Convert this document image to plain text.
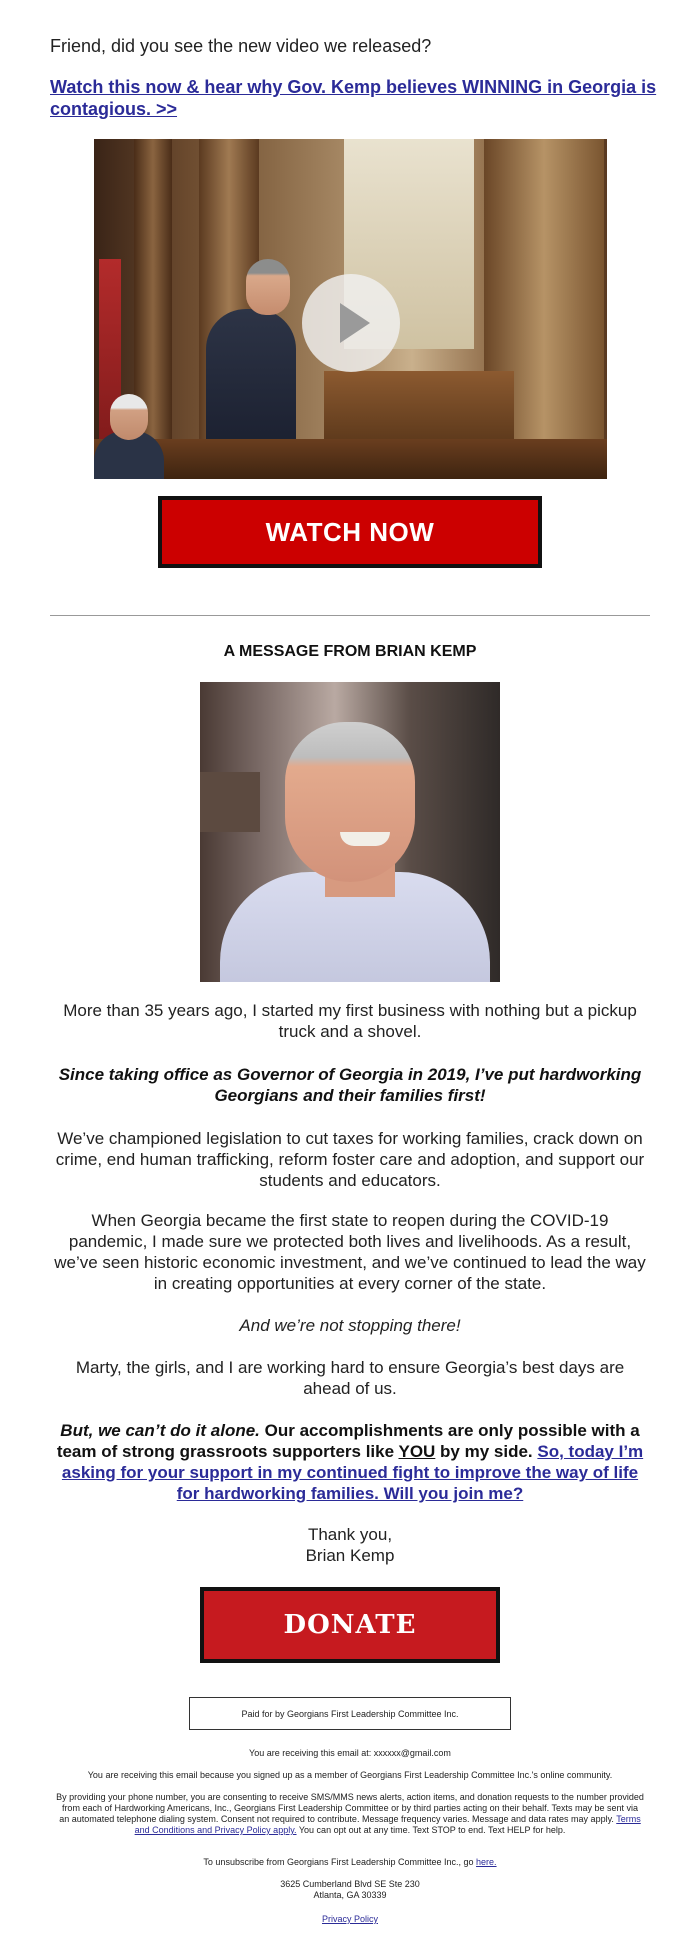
Friend, did you see the new video we released?
Watch this now & hear why Gov. Kemp believes WINNING in Georgia is contagious. >>
WATCH NOW
A MESSAGE FROM BRIAN KEMP
More than 35 years ago, I started my first business with nothing but a pickup truck and a shovel.
Since taking office as Governor of Georgia in 2019, I’ve put hardworking Georgians and their families first!
We’ve championed legislation to cut taxes for working families, crack down on crime, end human trafficking, reform foster care and adoption, and support our students and educators.
When Georgia became the first state to reopen during the COVID-19 pandemic, I made sure we protected both lives and livelihoods. As a result, we’ve seen historic economic investment, and we’ve continued to lead the way in creating opportunities at every corner of the state.
And we’re not stopping there!
Marty, the girls, and I are working hard to ensure Georgia’s best days are ahead of us.
But, we can’t do it alone. Our accomplishments are only possible with a team of strong grassroots supporters like YOU by my side. So, today I’m asking for your support in my continued fight to improve the way of life for hardworking families. Will you join me?
Thank you,
Brian Kemp
DONATE
Paid for by Georgians First Leadership Committee Inc.
You are receiving this email at: xxxxxx@gmail.com
You are receiving this email because you signed up as a member of Georgians First Leadership Committee Inc.'s online community.
By providing your phone number, you are consenting to receive SMS/MMS news alerts, action items, and donation requests to the number provided from each of Hardworking Americans, Inc., Georgians First Leadership Committee or by third parties acting on their behalf. Texts may be sent via an automated telephone dialing system. Consent not required to contribute. Message frequency varies. Message and data rates may apply. Terms and Conditions and Privacy Policy apply. You can opt out at any time. Text STOP to end. Text HELP for help.
To unsubscribe from Georgians First Leadership Committee Inc., go here.
3625 Cumberland Blvd SE Ste 230
Atlanta, GA 30339
Privacy Policy
